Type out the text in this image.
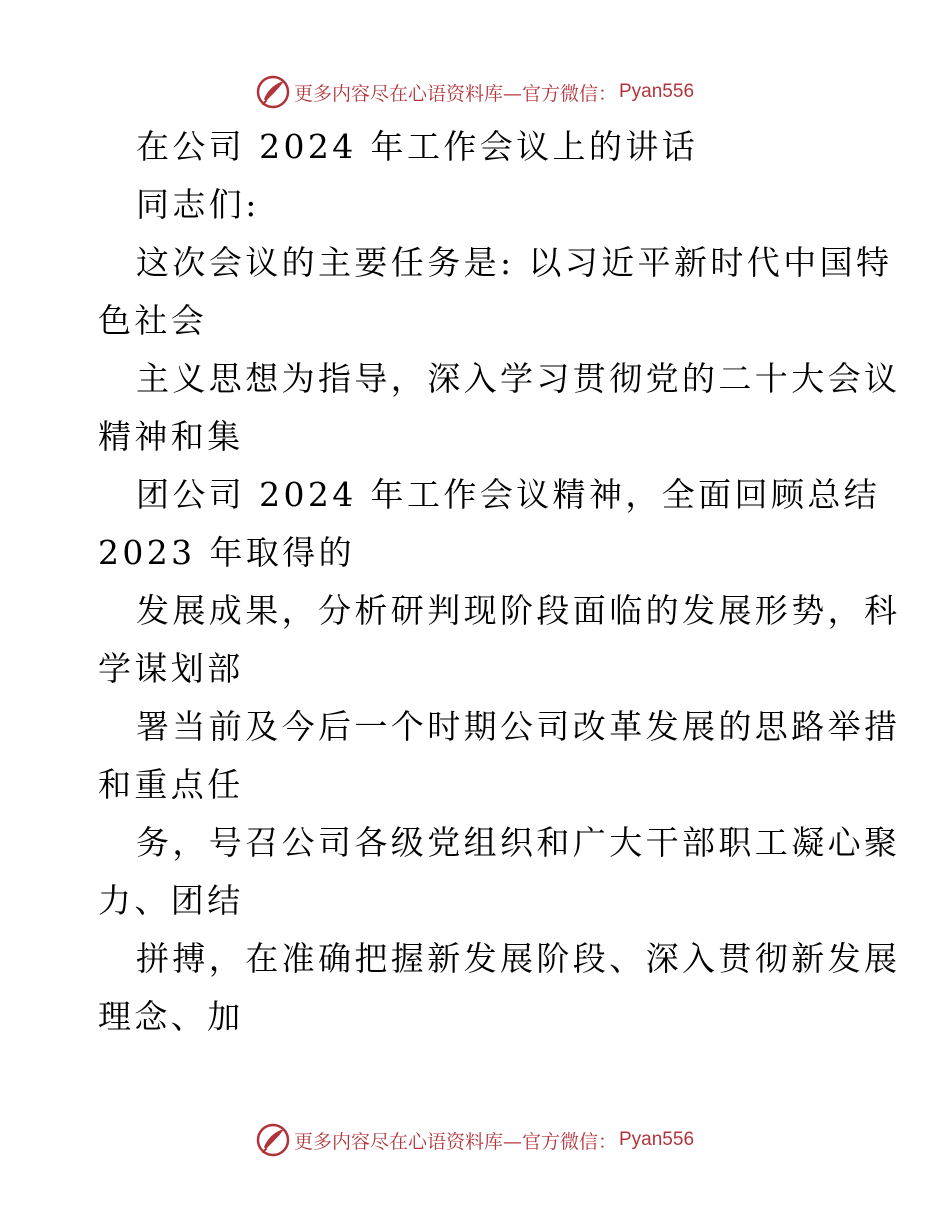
更多内容尽在心语资料库—官方微信： Pyan556
在公司 2024 年工作会议上的讲话
同志们:
这次会议的主要任务是: 以习近平新时代中国特
色社会
主义思想为指导，深入学习贯彻党的二十大会议
精神和集
团公司 2024 年工作会议精神，全面回顾总结
2023 年取得的
发展成果，分析研判现阶段面临的发展形势，科
学谋划部
署当前及今后一个时期公司改革发展的思路举措
和重点任
务，号召公司各级党组织和广大干部职工凝心聚
力、团结
拼搏，在准确把握新发展阶段、深入贯彻新发展
理念、加
更多内容尽在心语资料库—官方微信： Pyan556
